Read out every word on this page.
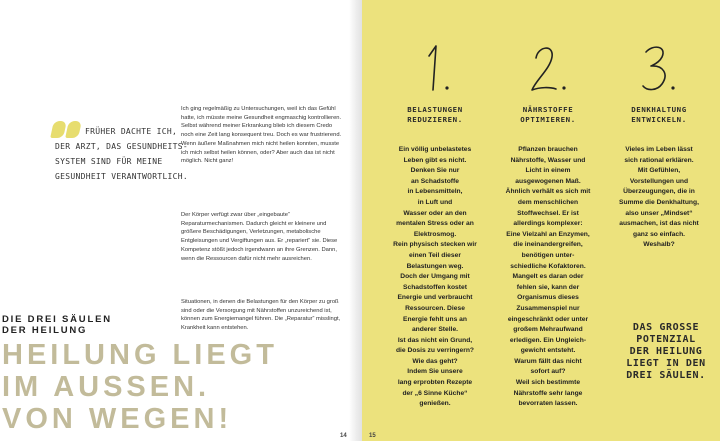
FRÜHER DACHTE ICH,
DER ARZT, DAS GESUNDHEITS-
SYSTEM SIND FÜR MEINE
GESUNDHEIT VERANTWORTLICH.
Ich ging regelmäßig zu Untersuchungen, weil ich das Gefühl hatte, ich müsste meine Gesundheit engmaschig kontrollieren. Selbst während meiner Erkrankung blieb ich diesem Credo noch eine Zeit lang konsequent treu. Doch es war frustrierend. Wenn äußere Maßnahmen mich nicht heilen konnten, musste ich mich selbst heilen können, oder? Aber auch das ist nicht möglich. Nicht ganz!
Der Körper verfügt zwar über „eingebaute“ Reparaturmechanismen. Dadurch gleicht er kleinere und größere Beschädigungen, Verletzungen, metabolische Entgleisungen und Vergiftungen aus. Er „repariert“ sie. Diese Kompetenz stößt jedoch irgendwann an ihre Grenzen. Dann, wenn die Ressourcen dafür nicht mehr ausreichen.
Situationen, in denen die Belastungen für den Körper zu groß sind oder die Versorgung mit Nährstoffen unzureichend ist, können zum Energiemangel führen. Die „Reparatur“ misslingt, Krankheit kann entstehen.
DIE DREI SÄULEN
DER HEILUNG
HEILUNG LIEGT
IM AUSSEN.
VON WEGEN!
14	15
BELASTUNGEN
REDUZIEREN.
Ein völlig unbelastetes
Leben gibt es nicht.
Denken Sie nur
an Schadstoffe
in Lebensmitteln,
in Luft und
Wasser oder an den
mentalen Stress oder an
Elektrosmog.
Rein physisch stecken wir
einen Teil dieser
Belastungen weg.
Doch der Umgang mit
Schadstoffen kostet
Energie und verbraucht
Ressourcen. Diese
Energie fehlt uns an
anderer Stelle.
Ist das nicht ein Grund,
die Dosis zu verringern?
Wie das geht?
Indem Sie unsere
lang erprobten Rezepte
der „6 Sinne Küche“
genießen.
NÄHRSTOFFE
OPTIMIEREN.
Pflanzen brauchen
Nährstoffe, Wasser und
Licht in einem
ausgewogenen Maß.
Ähnlich verhält es sich mit
dem menschlichen
Stoffwechsel. Er ist
allerdings komplexer:
Eine Vielzahl an Enzymen,
die ineinandergreifen,
benötigen unter-
schiedliche Kofaktoren.
Mangelt es daran oder
fehlen sie, kann der
Organismus dieses
Zusammenspiel nur
eingeschränkt oder unter
großem Mehraufwand
erledigen. Ein Ungleich-
gewicht entsteht.
Warum fällt das nicht
sofort auf?
Weil sich bestimmte
Nährstoffe sehr lange
bevorraten lassen.
DENKHALTUNG
ENTWICKELN.
Vieles im Leben lässt
sich rational erklären.
Mit Gefühlen,
Vorstellungen und
Überzeugungen, die in
Summe die Denkhaltung,
also unser „Mindset“
ausmachen, ist das nicht
ganz so einfach.
Weshalb?
DAS GROSSE
POTENZIAL
DER HEILUNG
LIEGT IN DEN
DREI SÄULEN.
